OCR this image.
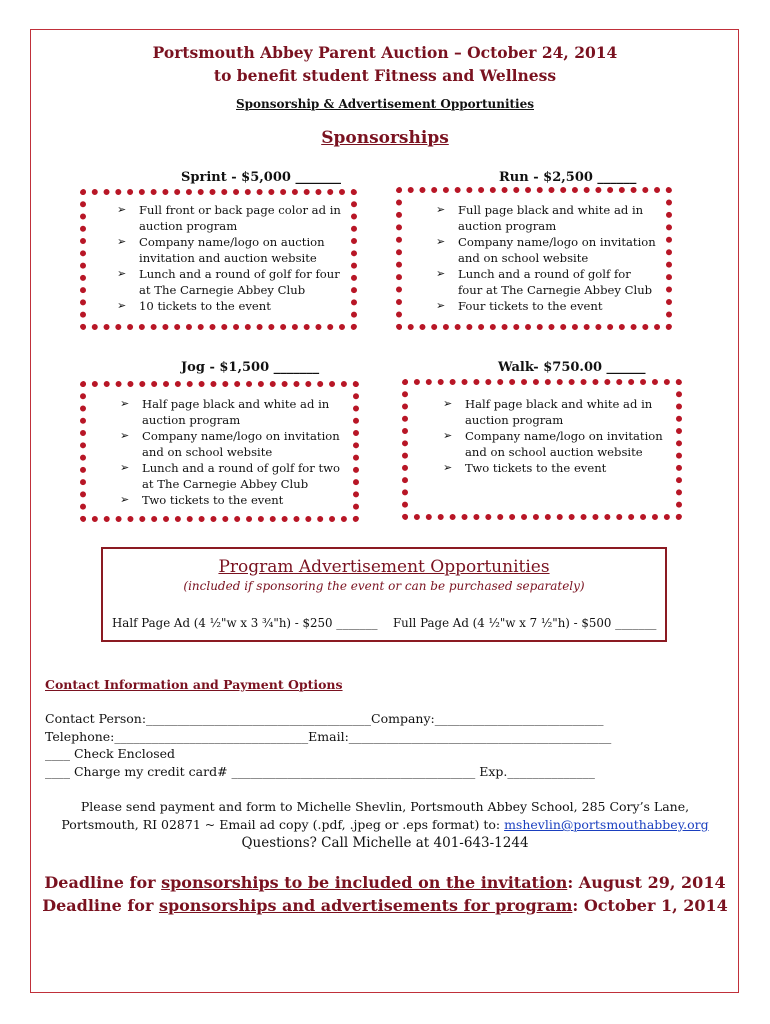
Portsmouth Abbey Parent Auction – October 24, 2014
to benefit student Fitness and Wellness
Sponsorship & Advertisement Opportunities
Sponsorships
Sprint - $5,000 _______
➢ Full front or back page color ad in auction program
➢ Company name/logo on auction invitation and auction website
➢ Lunch and a round of golf for four at The Carnegie Abbey Club
➢ 10 tickets to the event
Run - $2,500 ______
➢ Full page black and white ad in auction program
➢ Company name/logo on invitation and on school website
➢ Lunch and a round of golf for four at The Carnegie Abbey Club
➢ Four tickets to the event
Jog - $1,500 _______
➢ Half page black and white ad in auction program
➢ Company name/logo on invitation and on school website
➢ Lunch and a round of golf for two at The Carnegie Abbey Club
➢ Two tickets to the event
Walk- $750.00 ______
➢ Half page black and white ad in auction program
➢ Company name/logo on invitation and on school auction website
➢ Two tickets to the event
Program Advertisement Opportunities
(included if sponsoring the event or can be purchased separately)
Half Page Ad (4 ½"w x 3 ¾"h) - $250 _______ Full Page Ad (4 ½"w x 7 ½"h) - $500 _______
Contact Information and Payment Options
Contact Person:____________________________________Company:___________________________
Telephone:_______________________________Email:__________________________________________
____ Check Enclosed
____ Charge my credit card# _______________________________________ Exp.______________
Please send payment and form to Michelle Shevlin, Portsmouth Abbey School, 285 Cory’s Lane,
Portsmouth, RI 02871 ~ Email ad copy (.pdf, .jpeg or .eps format) to: mshevlin@portsmouthabbey.org
Questions? Call Michelle at 401-643-1244
Deadline for sponsorships to be included on the invitation: August 29, 2014
Deadline for sponsorships and advertisements for program: October 1, 2014
